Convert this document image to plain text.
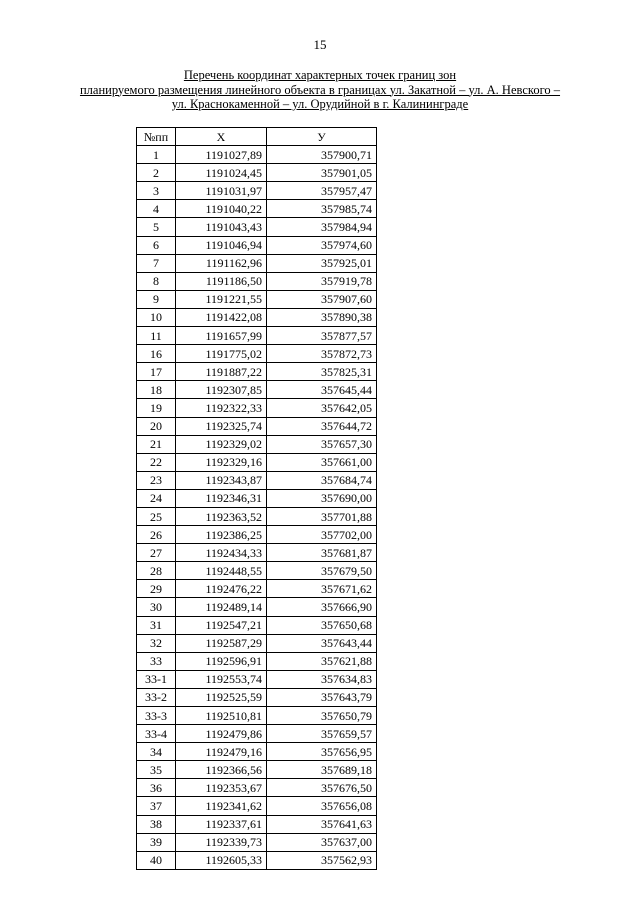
15
Перечень координат характерных точек границ зон
планируемого размещения линейного объекта в границах ул. Закатной – ул. А. Невского –
ул. Краснокаменной – ул. Орудийной в г. Калининграде
№пп	X	У
1	1191027,89	357900,71
2	1191024,45	357901,05
3	1191031,97	357957,47
4	1191040,22	357985,74
5	1191043,43	357984,94
6	1191046,94	357974,60
7	1191162,96	357925,01
8	1191186,50	357919,78
9	1191221,55	357907,60
10	1191422,08	357890,38
11	1191657,99	357877,57
16	1191775,02	357872,73
17	1191887,22	357825,31
18	1192307,85	357645,44
19	1192322,33	357642,05
20	1192325,74	357644,72
21	1192329,02	357657,30
22	1192329,16	357661,00
23	1192343,87	357684,74
24	1192346,31	357690,00
25	1192363,52	357701,88
26	1192386,25	357702,00
27	1192434,33	357681,87
28	1192448,55	357679,50
29	1192476,22	357671,62
30	1192489,14	357666,90
31	1192547,21	357650,68
32	1192587,29	357643,44
33	1192596,91	357621,88
33-1	1192553,74	357634,83
33-2	1192525,59	357643,79
33-3	1192510,81	357650,79
33-4	1192479,86	357659,57
34	1192479,16	357656,95
35	1192366,56	357689,18
36	1192353,67	357676,50
37	1192341,62	357656,08
38	1192337,61	357641,63
39	1192339,73	357637,00
40	1192605,33	357562,93
